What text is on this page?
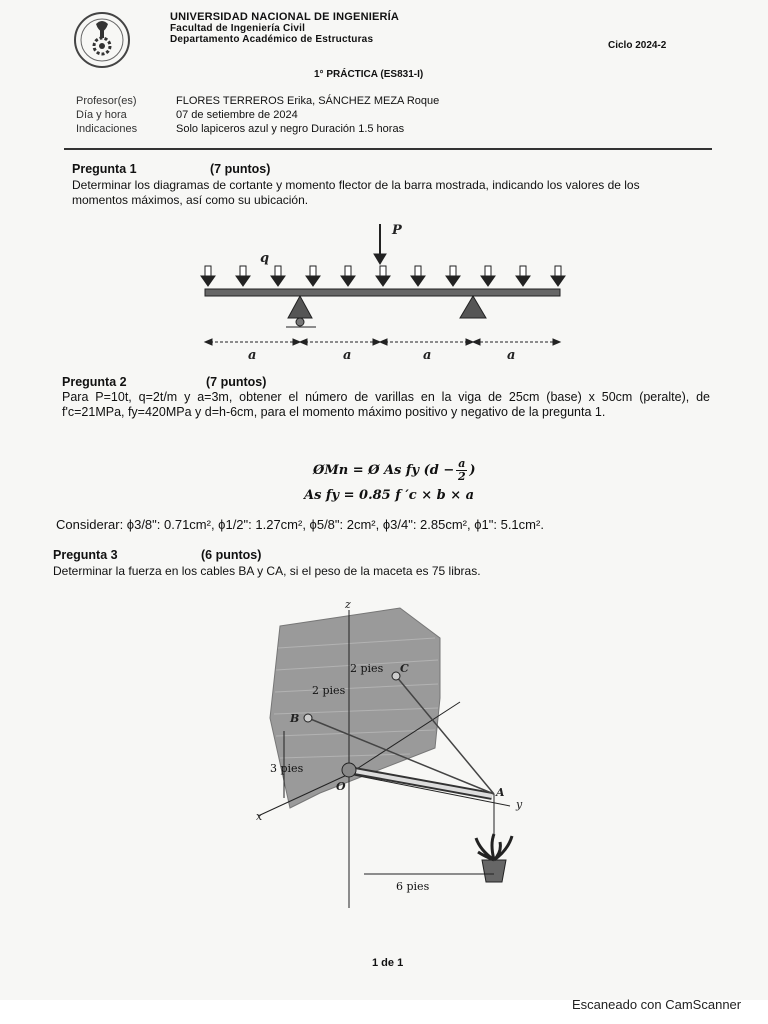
UNIVERSIDAD NACIONAL DE INGENIERÍA
Facultad de Ingeniería Civil
Departamento Académico de Estructuras
Ciclo 2024-2
1° PRÁCTICA (ES831-I)
Profesor(es)	FLORES TERREROS Erika, SÁNCHEZ MEZA Roque
Día y hora	07 de setiembre de 2024
Indicaciones	Solo lapiceros azul y negro Duración 1.5 horas
Pregunta 1	(7 puntos)
Determinar los diagramas de cortante y momento flector de la barra mostrada, indicando los valores de los momentos máximos, así como su ubicación.
P
q
a	a	a	a
Pregunta 2	(7 puntos)
Para P=10t, q=2t/m y a=3m, obtener el número de varillas en la viga de 25cm (base) x 50cm (peralte), de f'c=21MPa, fy=420MPa y d=h-6cm, para el momento máximo positivo y negativo de la pregunta 1.
ØMn = Ø As fy ($d - \frac{a}{2}$ )
As fy = 0.85 f ′c × b × a
Considerar: ϕ3/8": 0.71cm², ϕ1/2": 1.27cm², ϕ5/8": 2cm², ϕ3/4": 2.85cm², ϕ1": 5.1cm².
Pregunta 3	(6 puntos)
Determinar la fuerza en los cables BA y CA, si el peso de la maceta es 75 libras.
z
x
y
O
B
C
A
2 pies
2 pies
3 pies
6 pies
1 de 1
Escaneado con CamScanner
